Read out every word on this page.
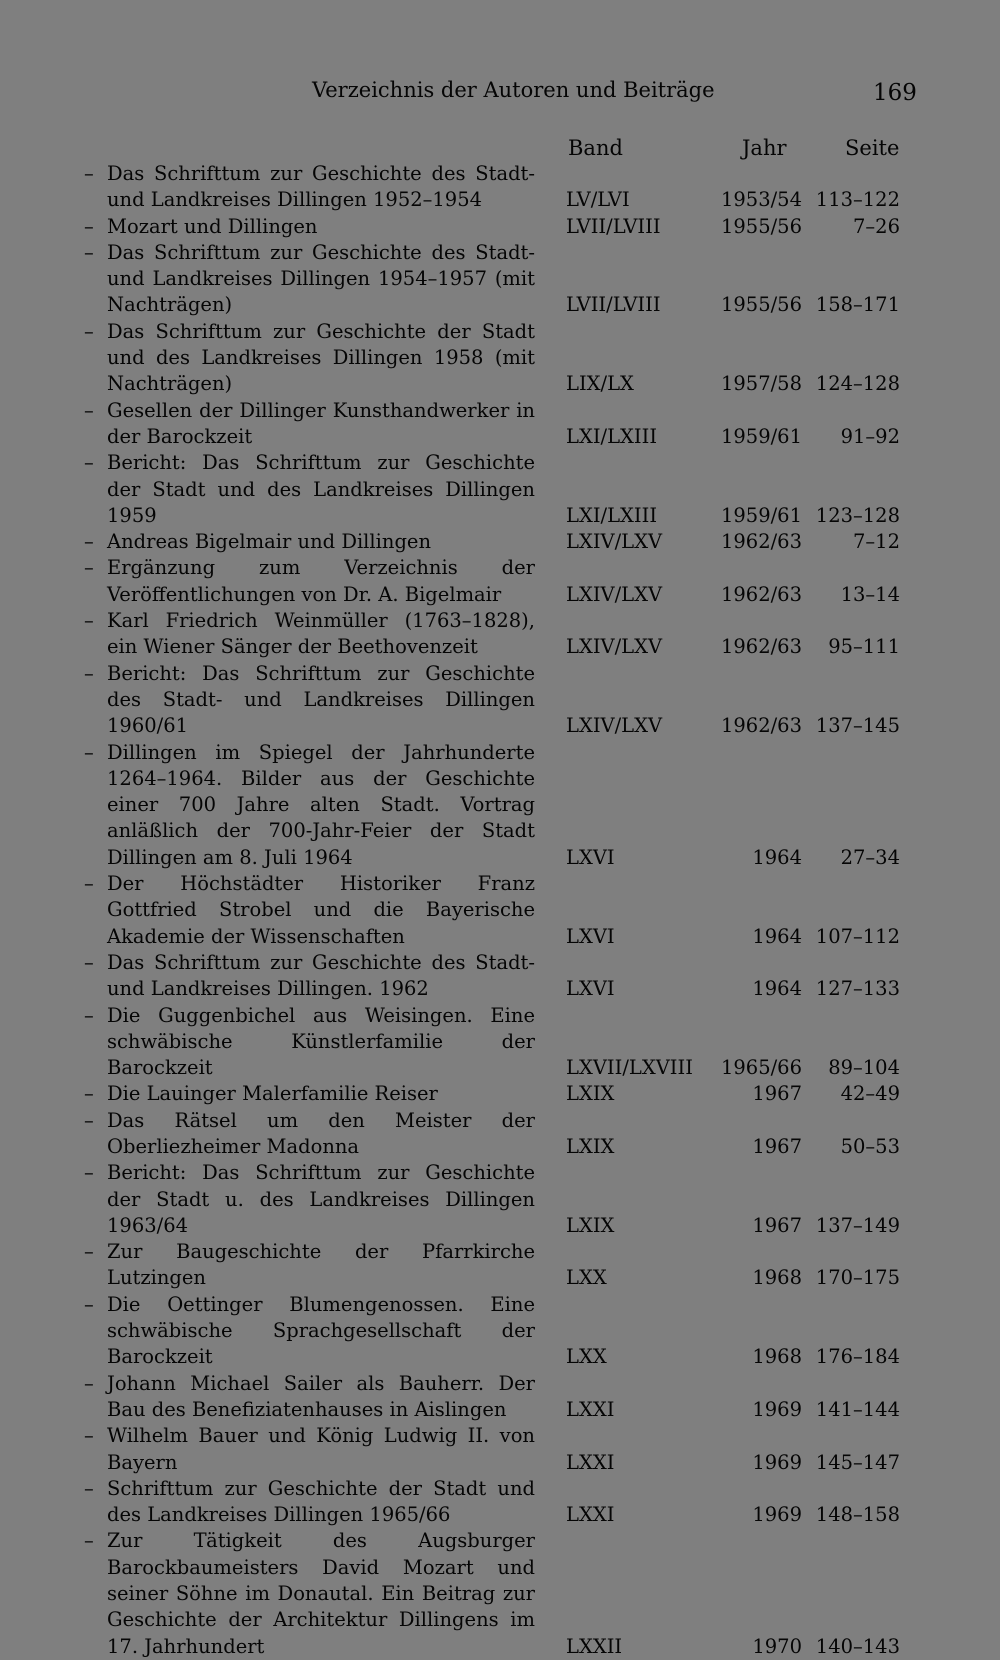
Verzeichnis der Autoren und Beiträge	169
Band	Jahr	Seite
– Das Schrifttum zur Geschichte des Stadt- und Landkreises Dillingen 1952–1954	LV/LVI	1953/54 113–122
– Mozart und Dillingen	LVII/LVIII	1955/56	7–26
– Das Schrifttum zur Geschichte des Stadt- und Landkreises Dillingen 1954–1957 (mit Nachträgen)	LVII/LVIII	1955/56 158–171
– Das Schrifttum zur Geschichte der Stadt und des Landkreises Dillingen 1958 (mit Nachträgen)	LIX/LX	1957/58 124–128
– Gesellen der Dillinger Kunsthandwerker in der Barockzeit	LXI/LXIII	1959/61	91–92
– Bericht: Das Schrifttum zur Geschichte der Stadt und des Landkreises Dillingen 1959	LXI/LXIII	1959/61 123–128
– Andreas Bigelmair und Dillingen	LXIV/LXV	1962/63	7–12
– Ergänzung zum Verzeichnis der Veröffentlichungen von Dr. A. Bigelmair	LXIV/LXV	1962/63	13–14
– Karl Friedrich Weinmüller (1763–1828), ein Wiener Sänger der Beethovenzeit	LXIV/LXV	1962/63	95–111
– Bericht: Das Schrifttum zur Geschichte des Stadt- und Landkreises Dillingen 1960/61	LXIV/LXV	1962/63 137–145
– Dillingen im Spiegel der Jahrhunderte 1264–1964. Bilder aus der Geschichte einer 700 Jahre alten Stadt. Vortrag anläßlich der 700-Jahr-Feier der Stadt Dillingen am 8. Juli 1964	LXVI	1964	27–34
– Der Höchstädter Historiker Franz Gottfried Strobel und die Bayerische Akademie der Wissenschaften	LXVI	1964 107–112
– Das Schrifttum zur Geschichte des Stadt- und Landkreises Dillingen. 1962	LXVI	1964 127–133
– Die Guggenbichel aus Weisingen. Eine schwäbische Künstlerfamilie der Barockzeit	LXVII/LXVIII 1965/66	89–104
– Die Lauinger Malerfamilie Reiser	LXIX	1967	42–49
– Das Rätsel um den Meister der Oberliezheimer Madonna	LXIX	1967	50–53
– Bericht: Das Schrifttum zur Geschichte der Stadt u. des Landkreises Dillingen 1963/64	LXIX	1967 137–149
– Zur Baugeschichte der Pfarrkirche Lutzingen	LXX	1968 170–175
– Die Oettinger Blumengenossen. Eine schwäbische Sprachgesellschaft der Barockzeit	LXX	1968 176–184
– Johann Michael Sailer als Bauherr. Der Bau des Benefiziatenhauses in Aislingen	LXXI	1969 141–144
– Wilhelm Bauer und König Ludwig II. von Bayern	LXXI	1969 145–147
– Schrifttum zur Geschichte der Stadt und des Landkreises Dillingen 1965/66	LXXI	1969 148–158
– Zur Tätigkeit des Augsburger Barockbaumeisters David Mozart und seiner Söhne im Donautal. Ein Beitrag zur Geschichte der Architektur Dillingens im 17. Jahrhundert	LXXII	1970 140–143
